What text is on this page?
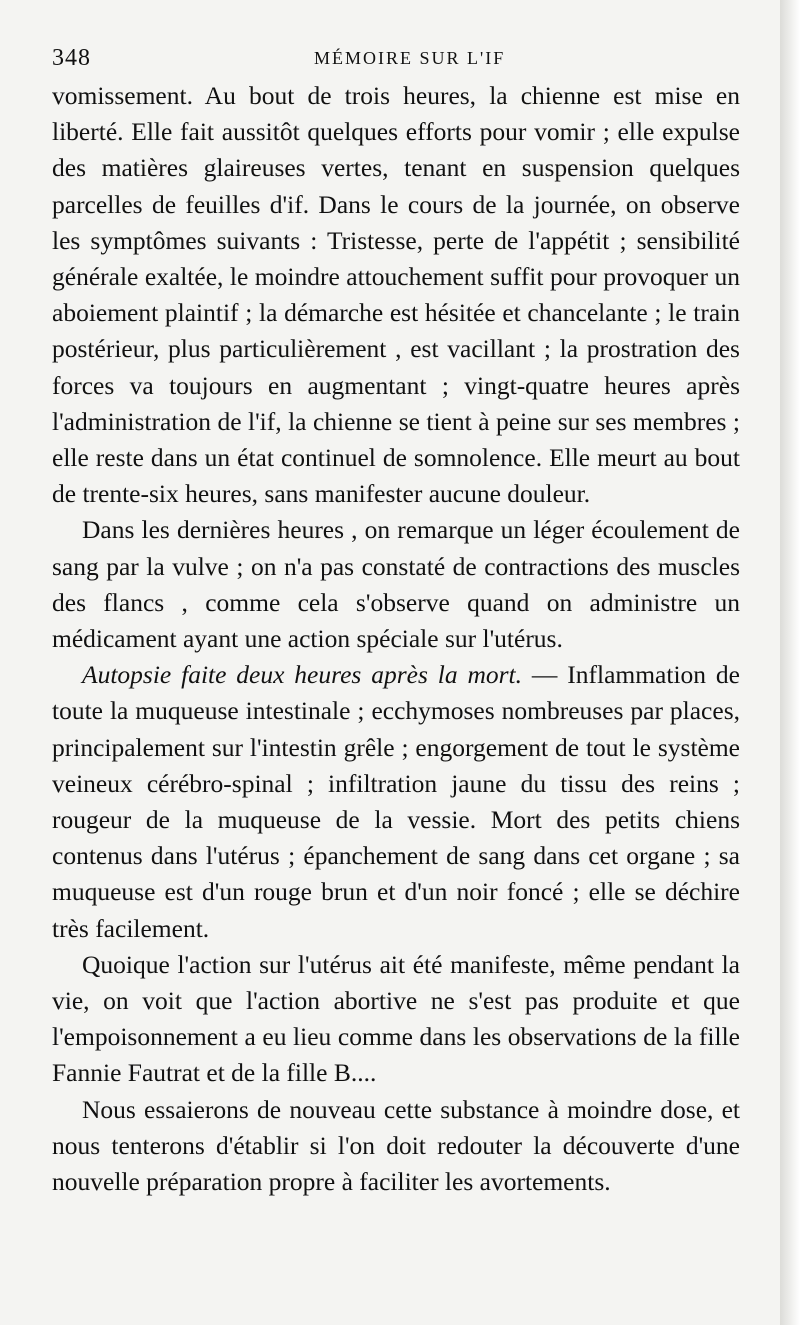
348	MÉMOIRE SUR L'IF

vomissement. Au bout de trois heures, la chienne est mise en liberté. Elle fait aussitôt quelques efforts pour vomir ; elle expulse des matières glaireuses vertes, tenant en suspension quelques parcelles de feuilles d'if. Dans le cours de la journée, on observe les symptômes suivants : Tristesse, perte de l'appétit ; sensibilité générale exaltée, le moindre attouchement suffit pour provoquer un aboiement plaintif ; la démarche est hésitée et chancelante ; le train postérieur, plus particulièrement , est vacillant ; la prostration des forces va toujours en augmentant ; vingt-quatre heures après l'administration de l'if, la chienne se tient à peine sur ses membres ; elle reste dans un état continuel de somnolence. Elle meurt au bout de trente-six heures, sans manifester aucune douleur.

Dans les dernières heures , on remarque un léger écoulement de sang par la vulve ; on n'a pas constaté de contractions des muscles des flancs , comme cela s'observe quand on administre un médicament ayant une action spéciale sur l'utérus.

Autopsie faite deux heures après la mort. — Inflammation de toute la muqueuse intestinale ; ecchymoses nombreuses par places, principalement sur l'intestin grêle ; engorgement de tout le système veineux cérébro-spinal ; infiltration jaune du tissu des reins ; rougeur de la muqueuse de la vessie. Mort des petits chiens contenus dans l'utérus ; épanchement de sang dans cet organe ; sa muqueuse est d'un rouge brun et d'un noir foncé ; elle se déchire très facilement.

Quoique l'action sur l'utérus ait été manifeste, même pendant la vie, on voit que l'action abortive ne s'est pas produite et que l'empoisonnement a eu lieu comme dans les observations de la fille Fannie Fautrat et de la fille B....

Nous essaierons de nouveau cette substance à moindre dose, et nous tenterons d'établir si l'on doit redouter la découverte d'une nouvelle préparation propre à faciliter les avortements.
